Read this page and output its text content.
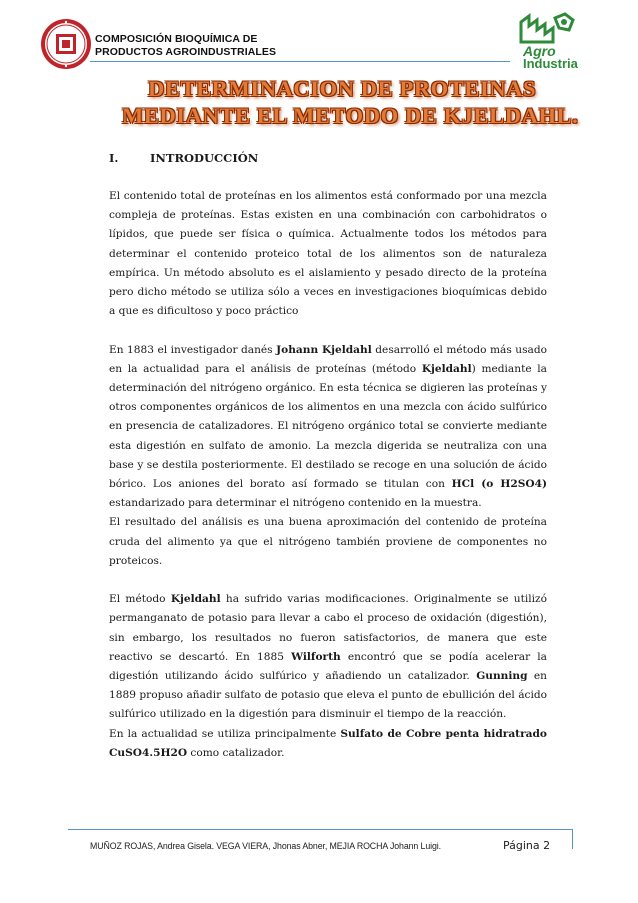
COMPOSICIÓN BIOQUÍMICA DE
PRODUCTOS AGROINDUSTRIALES	Agro
Industria
DETERMINACION DE PROTEINAS
MEDIANTE EL METODO DE KJELDAHL.
I.	INTRODUCCIÓN

El contenido total de proteínas en los alimentos está conformado por una mezcla compleja de proteínas. Estas existen en una combinación con carbohidratos o lípidos, que puede ser física o química. Actualmente todos los métodos para determinar el contenido proteico total de los alimentos son de naturaleza empírica. Un método absoluto es el aislamiento y pesado directo de la proteína pero dicho método se utiliza sólo a veces en investigaciones bioquímicas debido a que es dificultoso y poco práctico

En 1883 el investigador danés Johann Kjeldahl desarrolló el método más usado en la actualidad para el análisis de proteínas (método Kjeldahl) mediante la determinación del nitrógeno orgánico. En esta técnica se digieren las proteínas y otros componentes orgánicos de los alimentos en una mezcla con ácido sulfúrico en presencia de catalizadores. El nitrógeno orgánico total se convierte mediante esta digestión en sulfato de amonio. La mezcla digerida se neutraliza con una base y se destila posteriormente. El destilado se recoge en una solución de ácido bórico. Los aniones del borato así formado se titulan con HCl (o H2SO4) estandarizado para determinar el nitrógeno contenido en la muestra.

El resultado del análisis es una buena aproximación del contenido de proteína cruda del alimento ya que el nitrógeno también proviene de componentes no proteicos.

El método Kjeldahl ha sufrido varias modificaciones. Originalmente se utilizó permanganato de potasio para llevar a cabo el proceso de oxidación (digestión), sin embargo, los resultados no fueron satisfactorios, de manera que este reactivo se descartó. En 1885 Wilforth encontró que se podía acelerar la digestión utilizando ácido sulfúrico y añadiendo un catalizador. Gunning en 1889 propuso añadir sulfato de potasio que eleva el punto de ebullición del ácido sulfúrico utilizado en la digestión para disminuir el tiempo de la reacción.

En la actualidad se utiliza principalmente Sulfato de Cobre penta hidratrado CuSO4.5H2O como catalizador.

MUÑOZ ROJAS, Andrea Gisela. VEGA VIERA, Jhonas Abner, MEJIA ROCHA Johann Luigi.	Página 2
